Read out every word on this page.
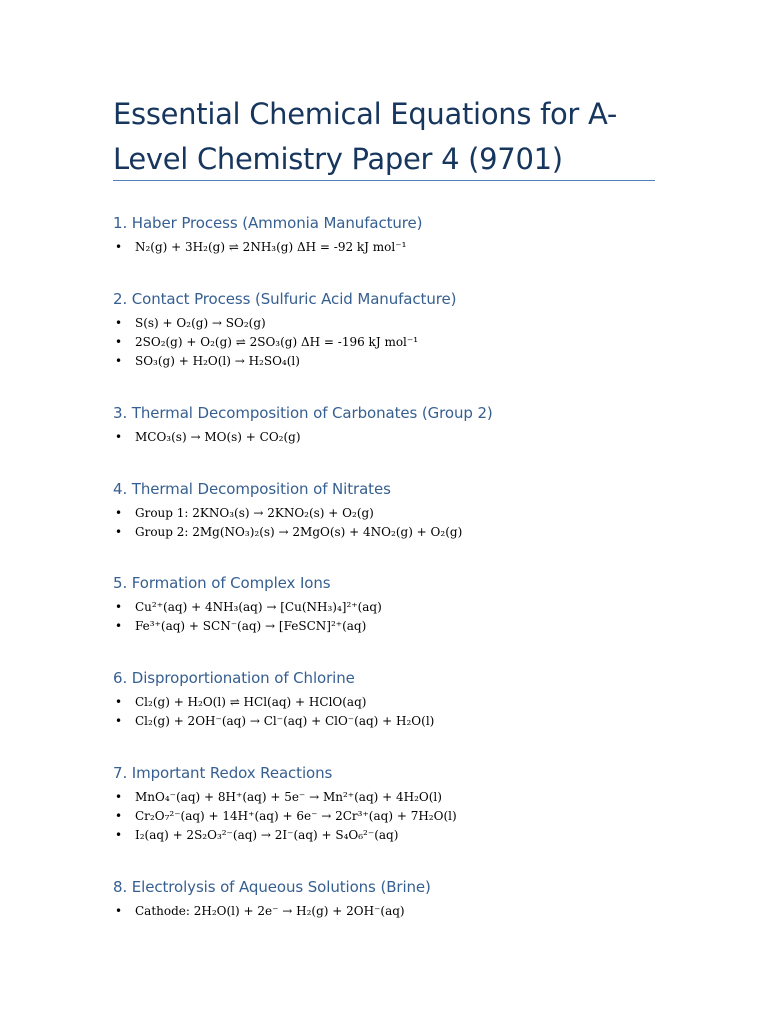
Essential Chemical Equations for A-Level Chemistry Paper 4 (9701)
1. Haber Process (Ammonia Manufacture)
• N₂(g) + 3H₂(g) ⇌ 2NH₃(g) ΔH = -92 kJ mol⁻¹
2. Contact Process (Sulfuric Acid Manufacture)
• S(s) + O₂(g) → SO₂(g)
• 2SO₂(g) + O₂(g) ⇌ 2SO₃(g) ΔH = -196 kJ mol⁻¹
• SO₃(g) + H₂O(l) → H₂SO₄(l)
3. Thermal Decomposition of Carbonates (Group 2)
• MCO₃(s) → MO(s) + CO₂(g)
4. Thermal Decomposition of Nitrates
• Group 1: 2KNO₃(s) → 2KNO₂(s) + O₂(g)
• Group 2: 2Mg(NO₃)₂(s) → 2MgO(s) + 4NO₂(g) + O₂(g)
5. Formation of Complex Ions
• Cu²⁺(aq) + 4NH₃(aq) → [Cu(NH₃)₄]²⁺(aq)
• Fe³⁺(aq) + SCN⁻(aq) → [FeSCN]²⁺(aq)
6. Disproportionation of Chlorine
• Cl₂(g) + H₂O(l) ⇌ HCl(aq) + HClO(aq)
• Cl₂(g) + 2OH⁻(aq) → Cl⁻(aq) + ClO⁻(aq) + H₂O(l)
7. Important Redox Reactions
• MnO₄⁻(aq) + 8H⁺(aq) + 5e⁻ → Mn²⁺(aq) + 4H₂O(l)
• Cr₂O₇²⁻(aq) + 14H⁺(aq) + 6e⁻ → 2Cr³⁺(aq) + 7H₂O(l)
• I₂(aq) + 2S₂O₃²⁻(aq) → 2I⁻(aq) + S₄O₆²⁻(aq)
8. Electrolysis of Aqueous Solutions (Brine)
• Cathode: 2H₂O(l) + 2e⁻ → H₂(g) + 2OH⁻(aq)
